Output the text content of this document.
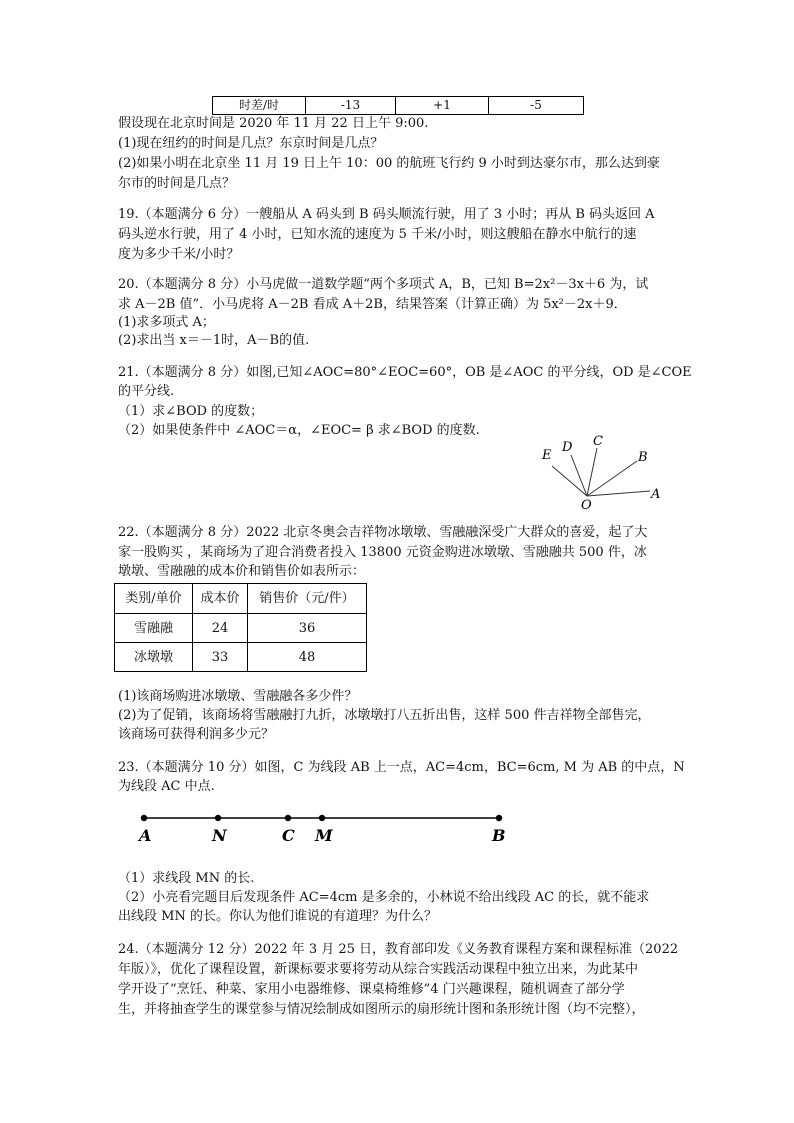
时差/时	-13	+1	-5
假设现在北京时间是 2020 年 11 月 22 日上午 9:00.
(1)现在纽约的时间是几点？东京时间是几点？
(2)如果小明在北京坐 11 月 19 日上午 10：00 的航班飞行约 9 小时到达豪尔市，那么达到豪
尔市的时间是几点？
19.（本题满分 6 分）一艘船从 A 码头到 B 码头顺流行驶，用了 3 小时；再从 B 码头返回 A
码头逆水行驶，用了 4 小时，已知水流的速度为 5 千米/小时，则这艘船在静水中航行的速
度为多少千米/小时？
20.（本题满分 8 分）小马虎做一道数学题“两个多项式 A，B，已知 B=2x²－3x＋6 为，试
求 A－2B 值”．小马虎将 A－2B 看成 A＋2B，结果答案（计算正确）为 5x²－2x＋9．
(1)求多项式 A；
(2)求出当 x＝－1时，A－B的值.
21.（本题满分 8 分）如图,已知∠AOC=80°∠EOC=60°，OB 是∠AOC 的平分线，OD 是∠COE
的平分线.
（1）求∠BOD 的度数；
（2）如果使条件中 ∠AOC＝α，∠EOC= β 求∠BOD 的度数.
D C
E	B
O
A
22.（本题满分 8 分）2022 北京冬奥会吉祥物冰墩墩、雪融融深受广大群众的喜爱，起了大
家一股购买 ，某商场为了迎合消费者投入 13800 元资金购进冰墩墩、雪融融共 500 件，冰
墩墩、雪融融的成本价和销售价如表所示：
类别/单价	成本价	销售价（元/件）
雪融融	24	36
冰墩墩	33	48
(1)该商场购进冰墩墩、雪融融各多少件？
(2)为了促销，该商场将雪融融打九折，冰墩墩打八五折出售，这样 500 件吉祥物全部售完，
该商场可获得利润多少元？
23.（本题满分 10 分）如图，C 为线段 AB 上一点，AC=4cm，BC=6cm, M 为 AB 的中点，N
为线段 AC 中点.
A	N	C M	B
（1）求线段 MN 的长.
（2）小亮看完题目后发现条件 AC=4cm 是多余的，小林说不给出线段 AC 的长，就不能求
出线段 MN 的长。你认为他们谁说的有道理？为什么？
24.（本题满分 12 分）2022 年 3 月 25 日，教育部印发《义务教育课程方案和课程标准（2022
年版）》，优化了课程设置，新课标要求要将劳动从综合实践活动课程中独立出来，为此某中
学开设了“烹饪、种菜、家用小电器维修、课桌椅维修”4 门兴趣课程，随机调查了部分学
生，并将抽查学生的课堂参与情况绘制成如图所示的扇形统计图和条形统计图（均不完整），
